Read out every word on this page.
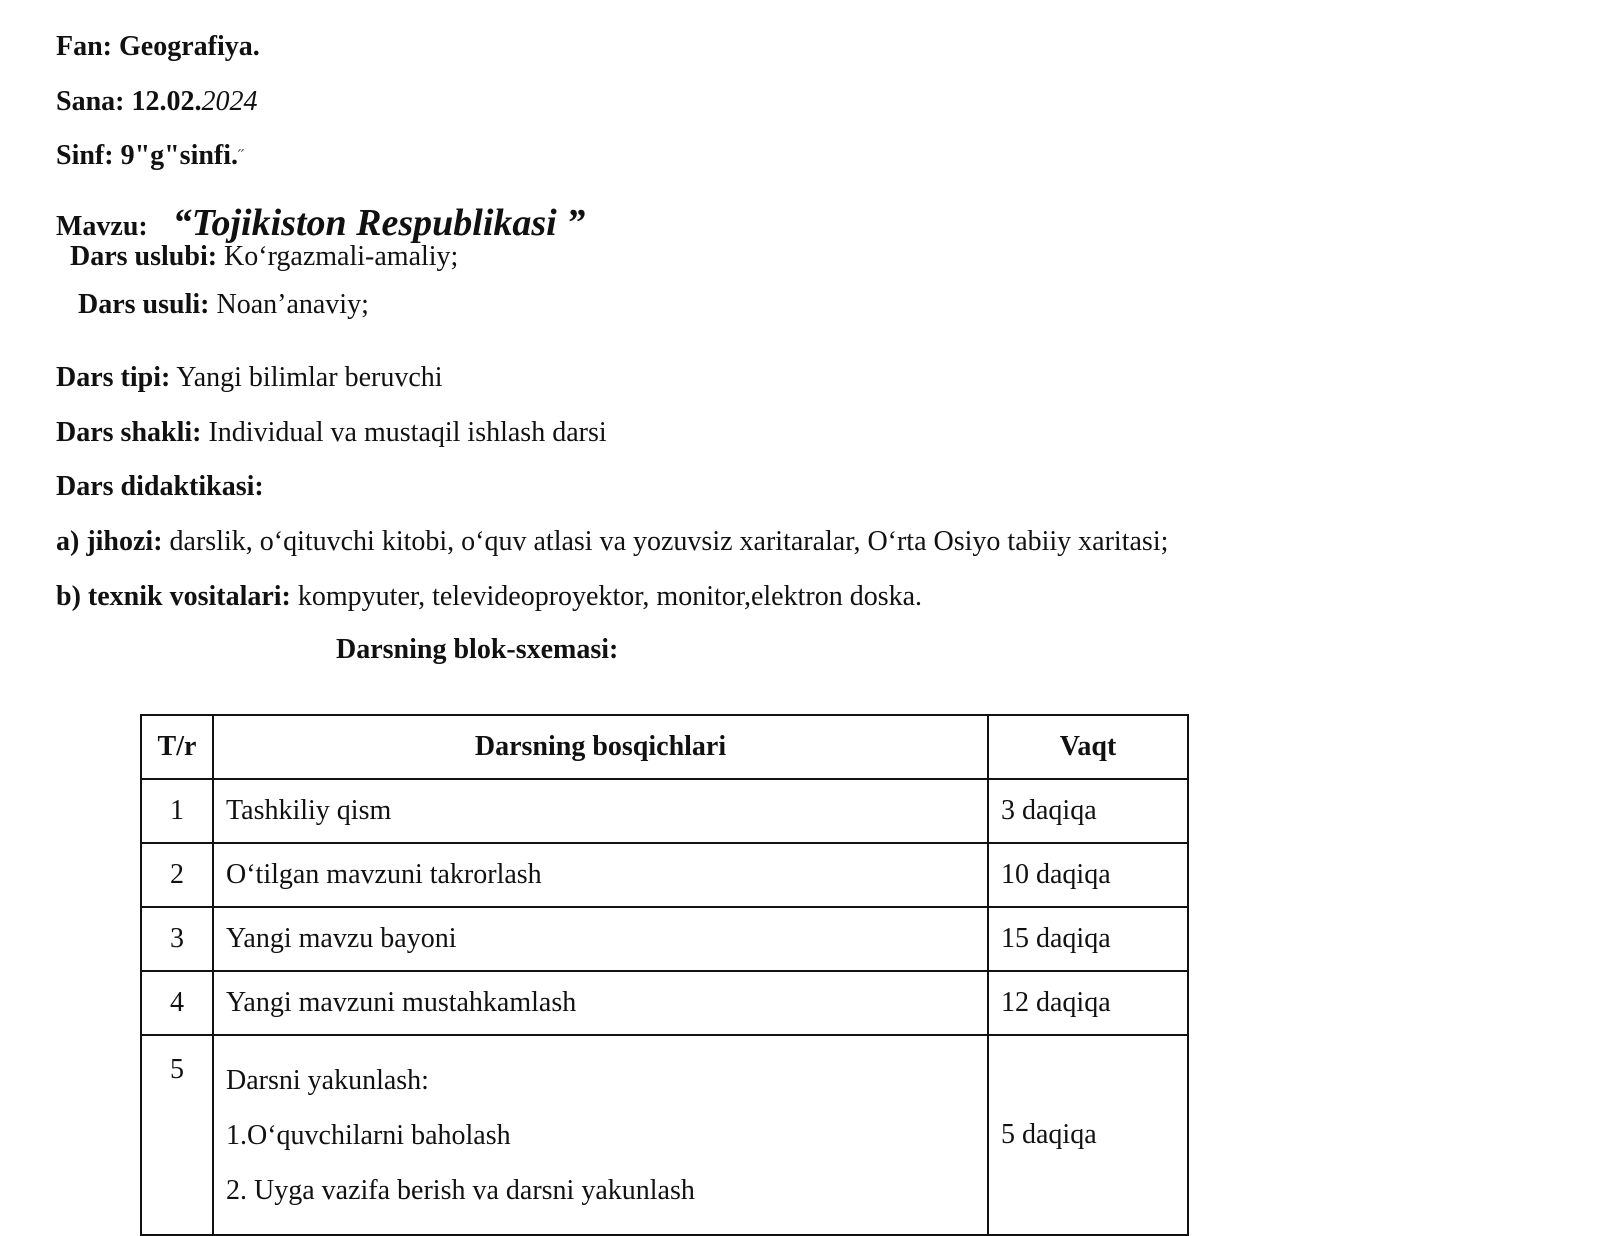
Fan: Geografiya.
Sana: 12.02.2024
Sinf: 9"g"sinfi.˝
Mavzu: “Tojikiston Respublikasi ”
Dars uslubi: Ko‘rgazmali-amaliy;
Dars usuli: Noan’anaviy;
Dars tipi: Yangi bilimlar beruvchi
Dars shakli: Individual va mustaqil ishlash darsi
Dars didaktikasi:
a) jihozi: darslik, o‘qituvchi kitobi, o‘quv atlasi va yozuvsiz xaritaralar, O‘rta Osiyo tabiiy xaritasi;
b) texnik vositalari: kompyuter, televideoproyektor, monitor,elektron doska.
Darsning blok-sxemasi:
T/r	Darsning bosqichlari	Vaqt
1	Tashkiliy qism	3 daqiqa
2	O‘tilgan mavzuni takrorlash	10 daqiqa
3	Yangi mavzu bayoni	15 daqiqa
4	Yangi mavzuni mustahkamlash	12 daqiqa
5	Darsni yakunlash:
1.O‘quvchilarni baholash
2. Uyga vazifa berish va darsni yakunlash	5 daqiqa
